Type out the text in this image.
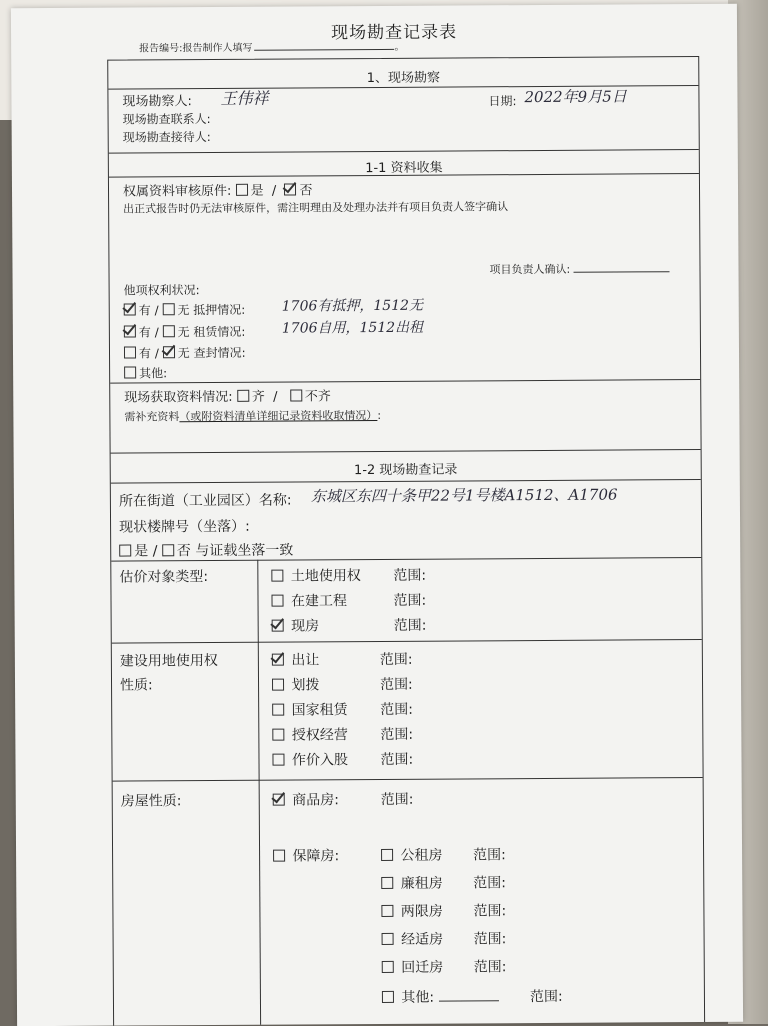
现场勘查记录表
报告编号:报告制作人填写	。
1、现场勘察
现场勘察人: 王伟祥	日期: 2022年9月5日
现场勘查联系人:
现场勘查接待人:
1-1 资料收集
权属资料审核原件: 是  /  否
出正式报告时仍无法审核原件，需注明理由及处理办法并有项目负责人签字确认
项目负责人确认:
他项权利状况:
有 / 无 抵押情况:	1706有抵押，1512无
有 / 无 租赁情况:	1706自用，1512出租
有 / 无 查封情况:
其他:
现场获取资料情况: 齐  /   不齐
需补充资料（或附资料清单详细记录资料收取情况）:
1-2 现场勘查记录
所在街道（工业园区）名称: 东城区东四十条甲22号1号楼A1512、A1706
现状楼牌号（坐落）:
是 / 否 与证载坐落一致
估价对象类型:	土地使用权 范围:
在建工程	范围:
现房	范围:
建设用地使用权
性质:
出让	范围:
划拨	范围:
国家租赁 范围:
授权经营 范围:
作价入股 范围:
房屋性质:	商品房:	范围:
保障房:	公租房 范围:
廉租房 范围:
两限房 范围:
经适房 范围:
回迁房 范围:
其他:	范围:
